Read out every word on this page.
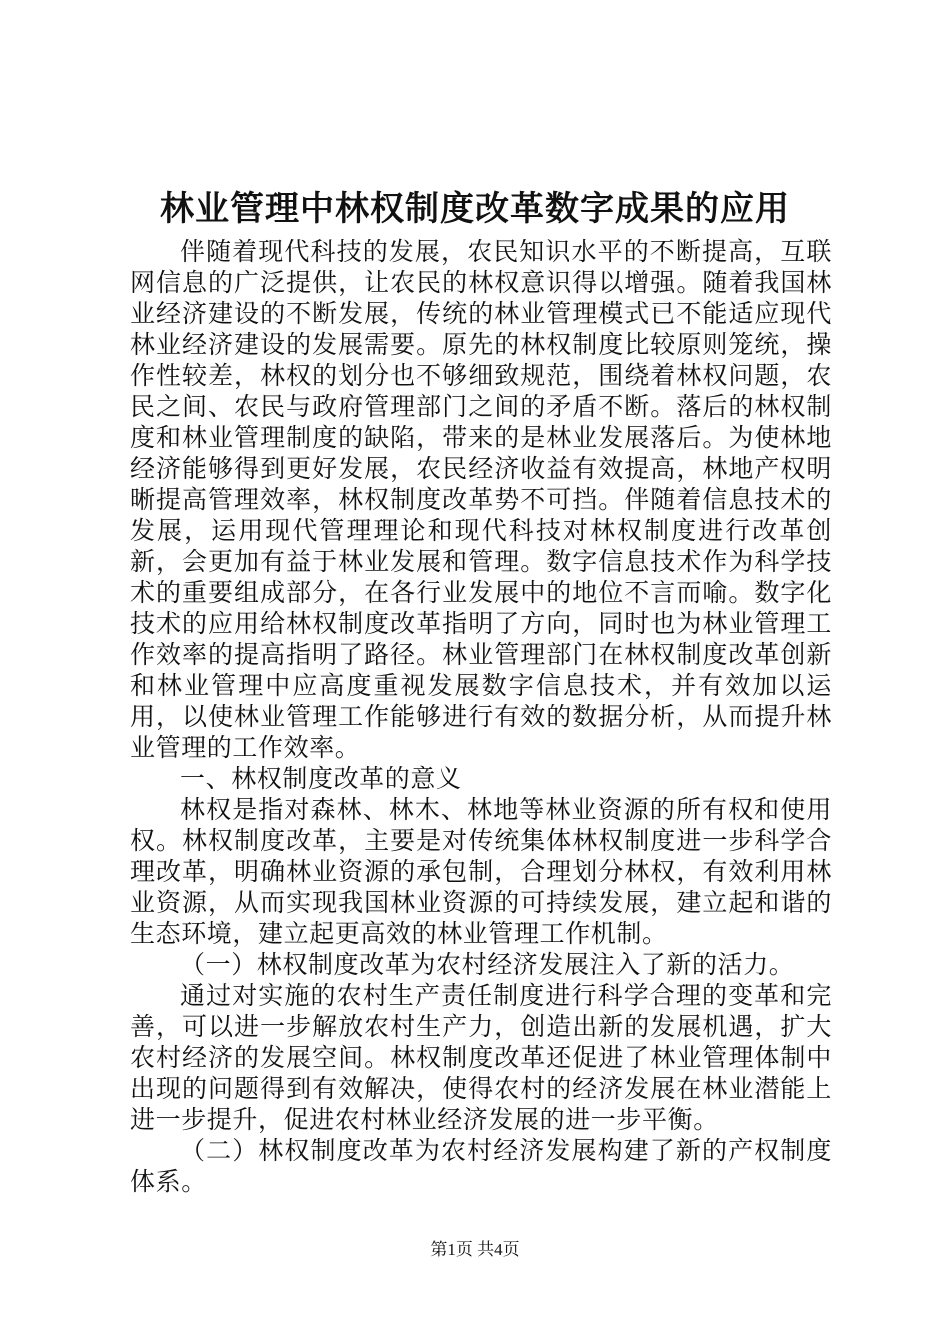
林业管理中林权制度改革数字成果的应用

伴随着现代科技的发展，农民知识水平的不断提高，互联网信息的广泛提供，让农民的林权意识得以增强。随着我国林业经济建设的不断发展，传统的林业管理模式已不能适应现代林业经济建设的发展需要。原先的林权制度比较原则笼统，操作性较差，林权的划分也不够细致规范，围绕着林权问题，农民之间、农民与政府管理部门之间的矛盾不断。落后的林权制度和林业管理制度的缺陷，带来的是林业发展落后。为使林地经济能够得到更好发展，农民经济收益有效提高，林地产权明晰提高管理效率，林权制度改革势不可挡。伴随着信息技术的发展，运用现代管理理论和现代科技对林权制度进行改革创新，会更加有益于林业发展和管理。数字信息技术作为科学技术的重要组成部分，在各行业发展中的地位不言而喻。数字化技术的应用给林权制度改革指明了方向，同时也为林业管理工作效率的提高指明了路径。林业管理部门在林权制度改革创新和林业管理中应高度重视发展数字信息技术，并有效加以运用，以使林业管理工作能够进行有效的数据分析，从而提升林业管理的工作效率。

一、林权制度改革的意义

林权是指对森林、林木、林地等林业资源的所有权和使用权。林权制度改革，主要是对传统集体林权制度进一步科学合理改革，明确林业资源的承包制，合理划分林权，有效利用林业资源，从而实现我国林业资源的可持续发展，建立起和谐的生态环境，建立起更高效的林业管理工作机制。

（一）林权制度改革为农村经济发展注入了新的活力。

通过对实施的农村生产责任制度进行科学合理的变革和完善，可以进一步解放农村生产力，创造出新的发展机遇，扩大农村经济的发展空间。林权制度改革还促进了林业管理体制中出现的问题得到有效解决，使得农村的经济发展在林业潜能上进一步提升，促进农村林业经济发展的进一步平衡。

（二）林权制度改革为农村经济发展构建了新的产权制度体系。

第1页 共4页
